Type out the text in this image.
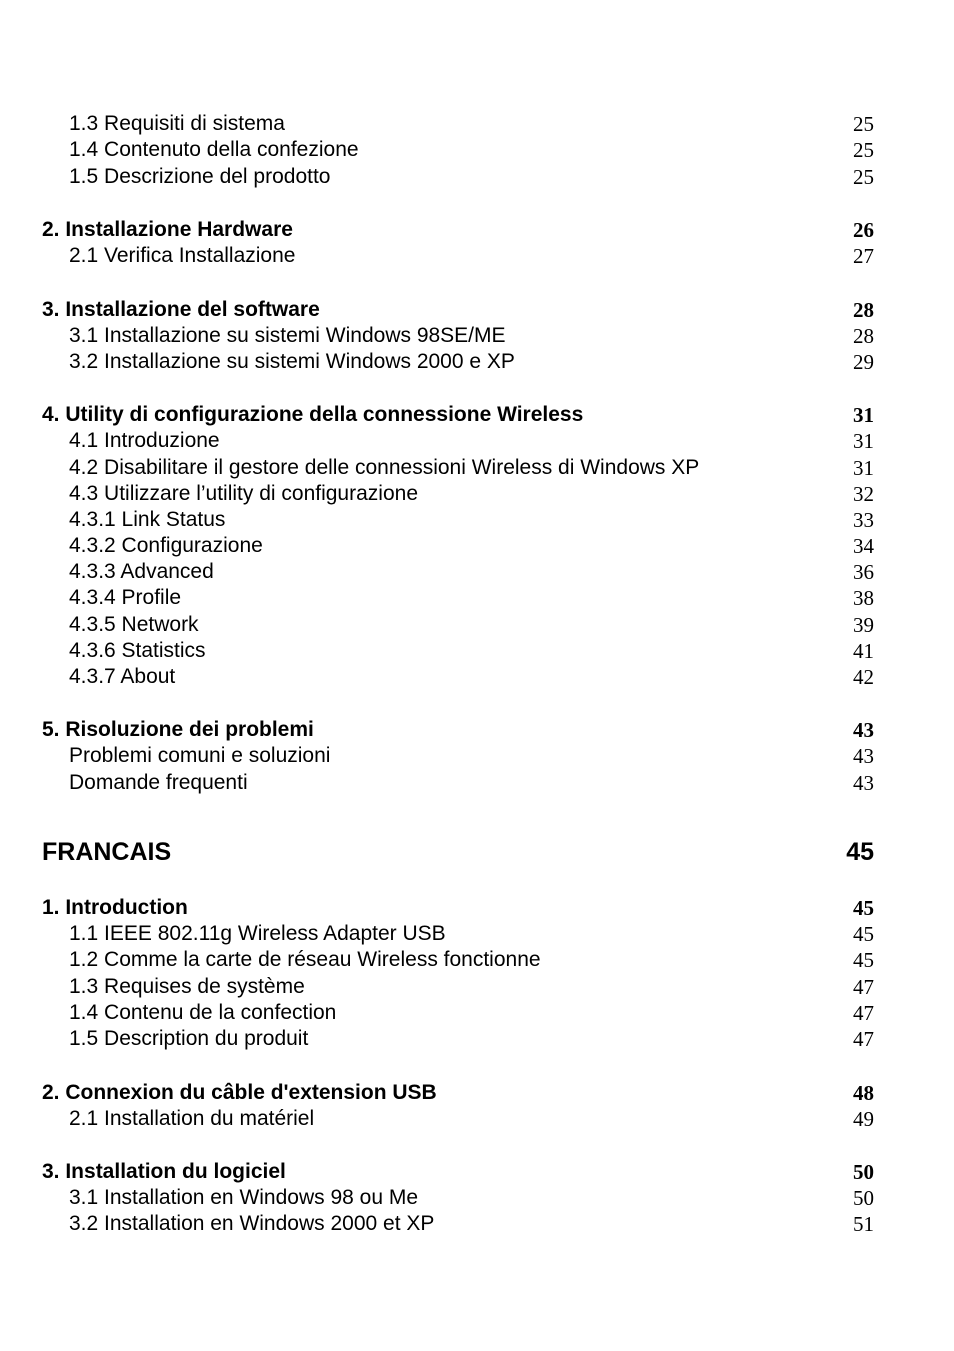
1.3 Requisiti di sistema	25
1.4 Contenuto della confezione	25
1.5 Descrizione del prodotto	25
2. Installazione Hardware	26
2.1 Verifica Installazione	27
3. Installazione del software	28
3.1 Installazione su sistemi Windows 98SE/ME	28
3.2 Installazione su sistemi Windows 2000 e XP	29
4. Utility di configurazione della connessione Wireless	31
4.1 Introduzione	31
4.2 Disabilitare il gestore delle connessioni Wireless di Windows XP	31
4.3 Utilizzare l’utility di configurazione	32
4.3.1 Link Status	33
4.3.2 Configurazione	34
4.3.3 Advanced	36
4.3.4 Profile	38
4.3.5 Network	39
4.3.6 Statistics	41
4.3.7 About	42
5. Risoluzione dei problemi	43
Problemi comuni e soluzioni	43
Domande frequenti	43
FRANCAIS	45
1. Introduction	45
1.1 IEEE 802.11g Wireless Adapter USB	45
1.2 Comme la carte de réseau Wireless fonctionne	45
1.3 Requises de système	47
1.4 Contenu de la confection	47
1.5 Description du produit	47
2. Connexion du câble d'extension USB	48
2.1 Installation du matériel	49
3. Installation du logiciel	50
3.1 Installation en Windows 98 ou Me	50
3.2 Installation en Windows 2000 et XP	51
